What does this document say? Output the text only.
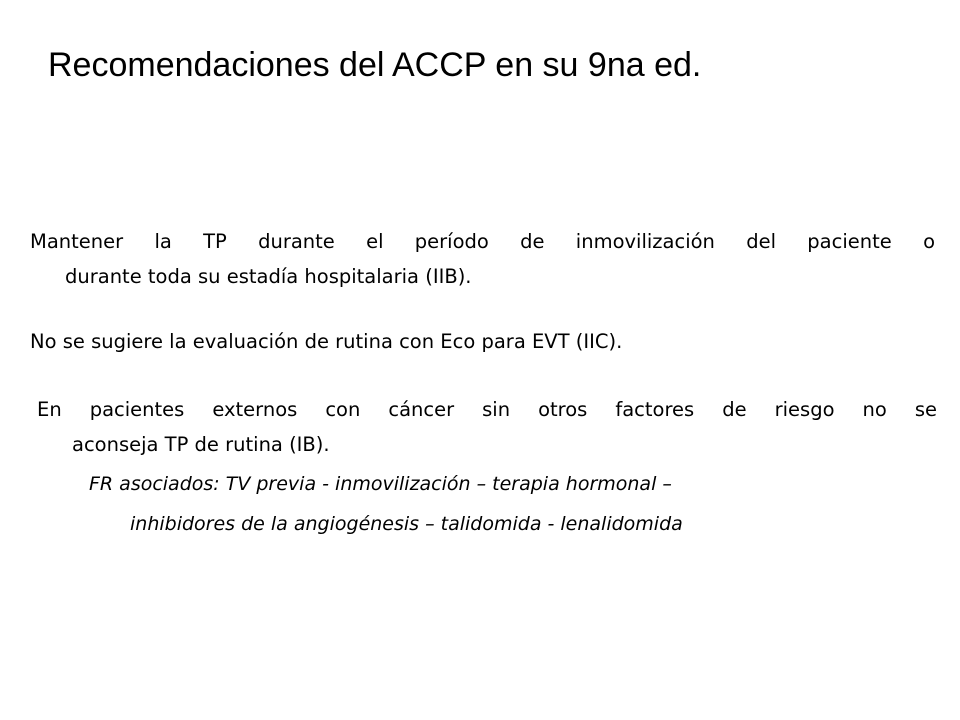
Recomendaciones del ACCP en su 9na ed.

Mantener la TP durante el período de inmovilización del paciente o
durante toda su estadía hospitalaria (IIB).

No se sugiere la evaluación de rutina con Eco para EVT (IIC).

En pacientes externos con cáncer sin otros factores de riesgo no se
aconseja TP de rutina (IB).

FR asociados: TV previa - inmovilización – terapia hormonal –

inhibidores de la angiogénesis – talidomida - lenalidomida
